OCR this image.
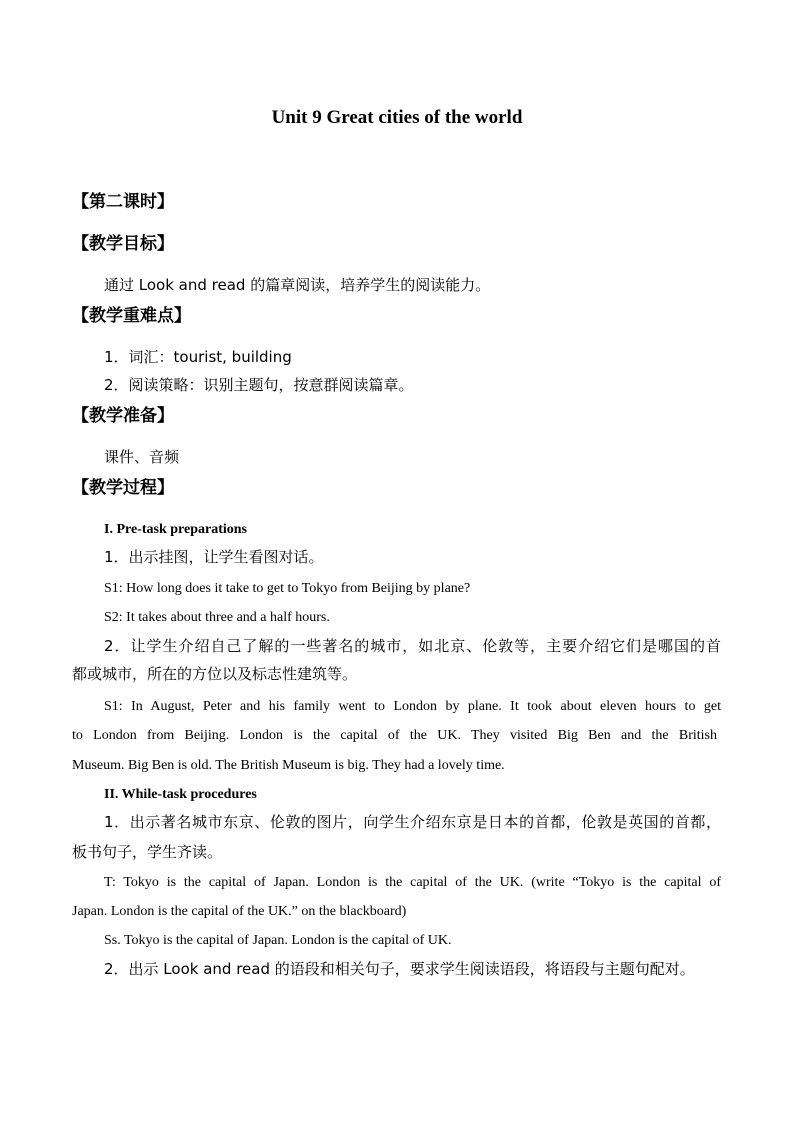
Unit 9 Great cities of the world
【第二课时】
【教学目标】
通过 Look and read 的篇章阅读，培养学生的阅读能力。
【教学重难点】
1．词汇：tourist, building
2．阅读策略：识别主题句，按意群阅读篇章。
【教学准备】
课件、音频
【教学过程】
I. Pre-task preparations
1．出示挂图，让学生看图对话。
S1: How long does it take to get to Tokyo from Beijing by plane?
S2: It takes about three and a half hours.
2．让学生介绍自己了解的一些著名的城市，如北京、伦敦等，主要介绍它们是哪国的首
都或城市，所在的方位以及标志性建筑等。
S1: In August, Peter and his family went to London by plane. It took about eleven hours to get
to London from Beijing. London is the capital of the UK. They visited Big Ben and the British
Museum. Big Ben is old. The British Museum is big. They had a lovely time.
II. While-task procedures
1．出示著名城市东京、伦敦的图片，向学生介绍东京是日本的首都，伦敦是英国的首都，
板书句子，学生齐读。
T: Tokyo is the capital of Japan. London is the capital of the UK. (write “Tokyo is the capital of
Japan. London is the capital of the UK.” on the blackboard)
Ss. Tokyo is the capital of Japan. London is the capital of UK.
2．出示 Look and read 的语段和相关句子，要求学生阅读语段，将语段与主题句配对。
